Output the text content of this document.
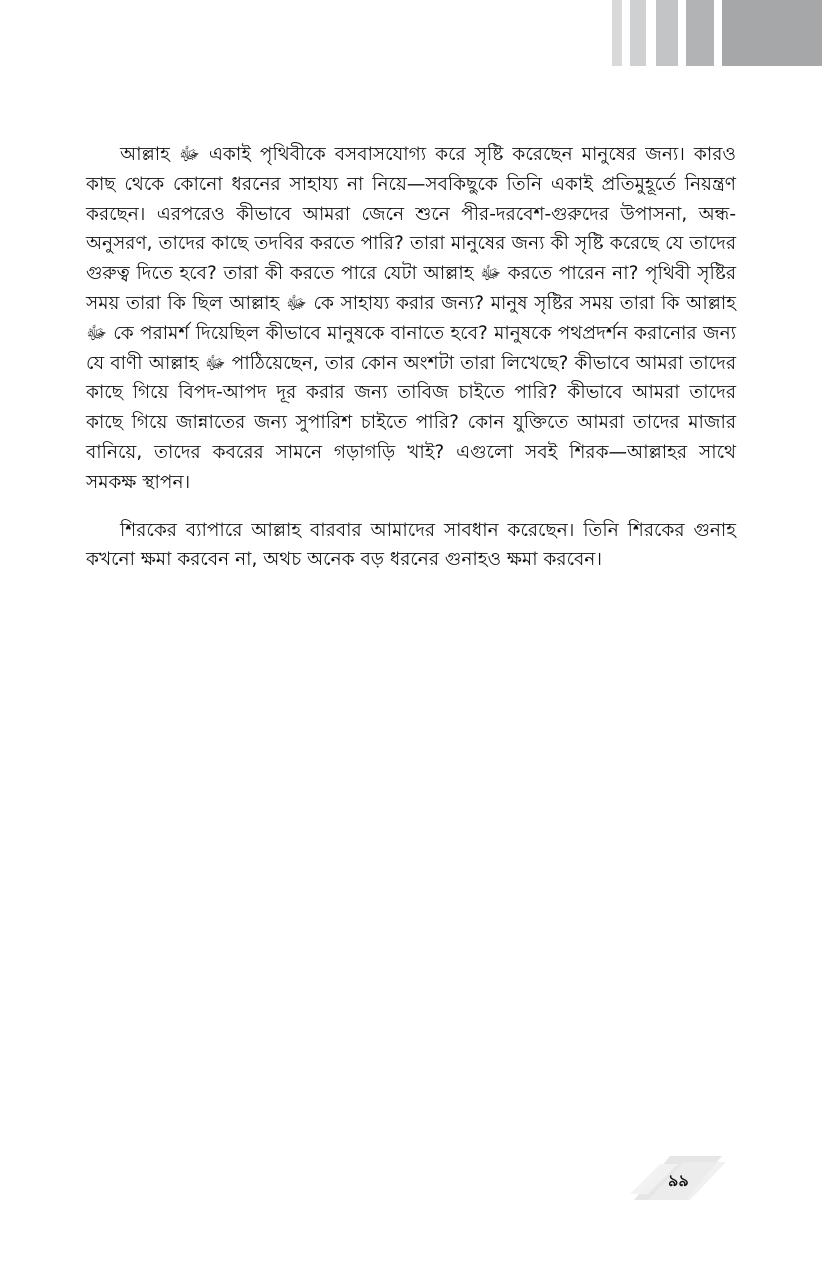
আল্লাহ ﷻ একাই পৃথিবীকে বসবাসযোগ্য করে সৃষ্টি করেছেন মানুষের জন্য। কারও কাছ থেকে কোনো ধরনের সাহায্য না নিয়ে—সবকিছুকে তিনি একাই প্রতিমুহূর্তে নিয়ন্ত্রণ করছেন। এরপরেও কীভাবে আমরা জেনে শুনে পীর-দরবেশ-গুরুদের উপাসনা, অন্ধ-অনুসরণ, তাদের কাছে তদবির করতে পারি? তারা মানুষের জন্য কী সৃষ্টি করেছে যে তাদের গুরুত্ব দিতে হবে? তারা কী করতে পারে যেটা আল্লাহ ﷻ করতে পারেন না? পৃথিবী সৃষ্টির সময় তারা কি ছিল আল্লাহ ﷻ কে সাহায্য করার জন্য? মানুষ সৃষ্টির সময় তারা কি আল্লাহ ﷻ কে পরামর্শ দিয়েছিল কীভাবে মানুষকে বানাতে হবে? মানুষকে পথপ্রদর্শন করানোর জন্য যে বাণী আল্লাহ ﷻ পাঠিয়েছেন, তার কোন অংশটা তারা লিখেছে? কীভাবে আমরা তাদের কাছে গিয়ে বিপদ-আপদ দূর করার জন্য তাবিজ চাইতে পারি? কীভাবে আমরা তাদের কাছে গিয়ে জান্নাতের জন্য সুপারিশ চাইতে পারি? কোন যুক্তিতে আমরা তাদের মাজার বানিয়ে, তাদের কবরের সামনে গড়াগড়ি খাই? এগুলো সবই শিরক—আল্লাহর সাথে সমকক্ষ স্থাপন।

শিরকের ব্যাপারে আল্লাহ বারবার আমাদের সাবধান করেছেন। তিনি শিরকের গুনাহ কখনো ক্ষমা করবেন না, অথচ অনেক বড় ধরনের গুনাহও ক্ষমা করবেন।

৯৯
